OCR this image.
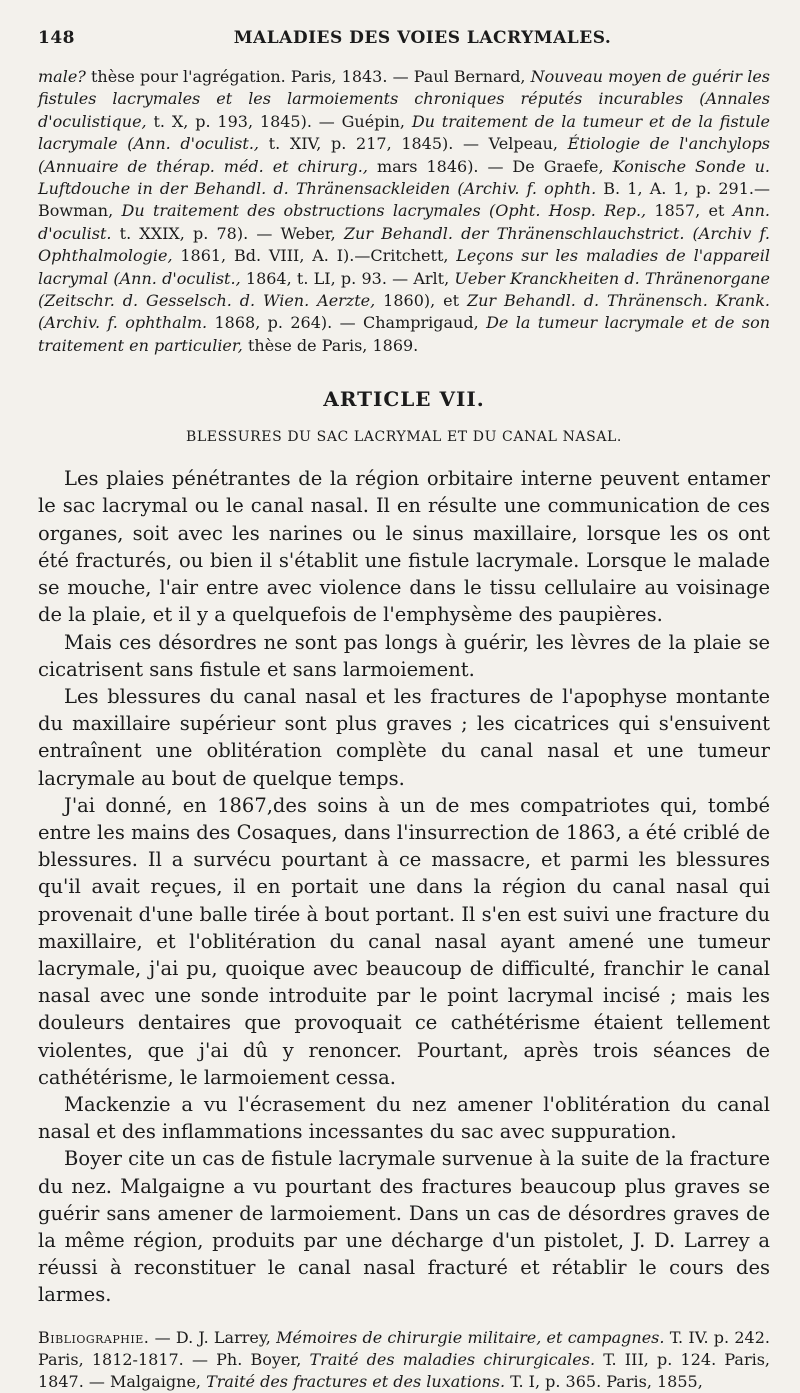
148	MALADIES DES VOIES LACRYMALES.
male? thèse pour l'agrégation. Paris, 1843. — Paul Bernard, Nouveau moyen de guérir les fistules lacrymales et les larmoiements chroniques réputés incurables (Annales d'oculistique, t. X, p. 193, 1845). — Guépin, Du traitement de la tumeur et de la fistule lacrymale (Ann. d'oculist., t. XIV, p. 217, 1845). — Velpeau, Étiologie de l'anchylops (Annuaire de thérap. méd. et chirurg., mars 1846). — De Graefe, Konische Sonde u. Luftdouche in der Behandl. d. Thränensackleiden (Archiv. f. ophth. B. 1, A. 1, p. 291.—Bowman, Du traitement des obstructions lacrymales (Opht. Hosp. Rep., 1857, et Ann. d'oculist. t. XXIX, p. 78). — Weber, Zur Behandl. der Thränenschlauchstrict. (Archiv f. Ophthalmologie, 1861, Bd. VIII, A. I).—Critchett, Leçons sur les maladies de l'appareil lacrymal (Ann. d'oculist., 1864, t. LI, p. 93. — Arlt, Ueber Kranckheiten d. Thränenorgane (Zeitschr. d. Gesselsch. d. Wien. Aerzte, 1860), et Zur Behandl. d. Thränensch. Krank. (Archiv. f. ophthalm. 1868, p. 264). — Champrigaud, De la tumeur lacrymale et de son traitement en particulier, thèse de Paris, 1869.
ARTICLE VII.
BLESSURES DU SAC LACRYMAL ET DU CANAL NASAL.

Les plaies pénétrantes de la région orbitaire interne peuvent entamer le sac lacrymal ou le canal nasal. Il en résulte une communication de ces organes, soit avec les narines ou le sinus maxillaire, lorsque les os ont été fracturés, ou bien il s'établit une fistule lacrymale. Lorsque le malade se mouche, l'air entre avec violence dans le tissu cellulaire au voisinage de la plaie, et il y a quelquefois de l'emphysème des paupières.

Mais ces désordres ne sont pas longs à guérir, les lèvres de la plaie se cicatrisent sans fistule et sans larmoiement.

Les blessures du canal nasal et les fractures de l'apophyse montante du maxillaire supérieur sont plus graves ; les cicatrices qui s'ensuivent entraînent une oblitération complète du canal nasal et une tumeur lacrymale au bout de quelque temps.

J'ai donné, en 1867,des soins à un de mes compatriotes qui, tombé entre les mains des Cosaques, dans l'insurrection de 1863, a été criblé de blessures. Il a survécu pourtant à ce massacre, et parmi les blessures qu'il avait reçues, il en portait une dans la région du canal nasal qui provenait d'une balle tirée à bout portant. Il s'en est suivi une fracture du maxillaire, et l'oblitération du canal nasal ayant amené une tumeur lacrymale, j'ai pu, quoique avec beaucoup de difficulté, franchir le canal nasal avec une sonde introduite par le point lacrymal incisé ; mais les douleurs dentaires que provoquait ce cathétérisme étaient tellement violentes, que j'ai dû y renoncer. Pourtant, après trois séances de cathétérisme, le larmoiement cessa.

Mackenzie a vu l'écrasement du nez amener l'oblitération du canal nasal et des inflammations incessantes du sac avec suppuration.

Boyer cite un cas de fistule lacrymale survenue à la suite de la fracture du nez. Malgaigne a vu pourtant des fractures beaucoup plus graves se guérir sans amener de larmoiement. Dans un cas de désordres graves de la même région, produits par une décharge d'un pistolet, J. D. Larrey a réussi à reconstituer le canal nasal fracturé et rétablir le cours des larmes.

Bibliographie. — D. J. Larrey, Mémoires de chirurgie militaire, et campagnes. T. IV. p. 242. Paris, 1812-1817. — Ph. Boyer, Traité des maladies chirurgicales. T. III, p. 124. Paris, 1847. — Malgaigne, Traité des fractures et des luxations. T. I, p. 365. Paris, 1855,
